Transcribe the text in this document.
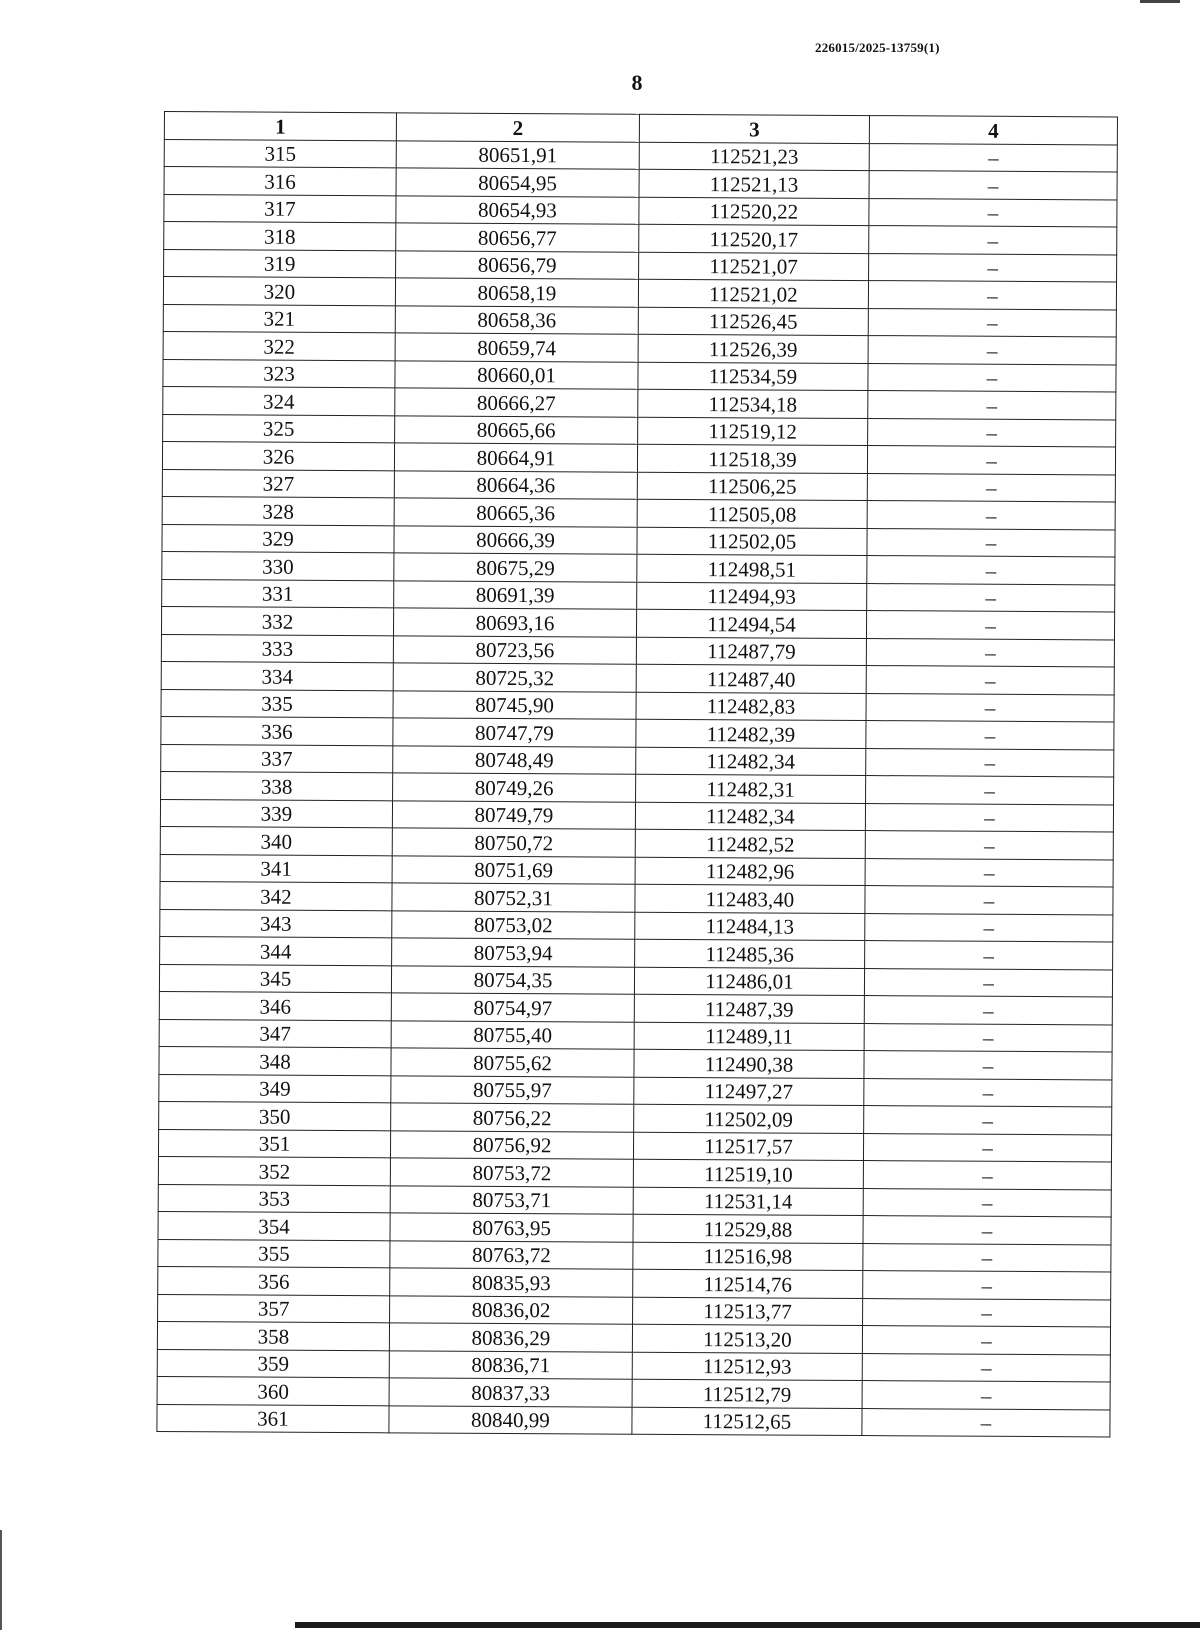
226015/2025-13759(1)
8
1	2	3	4
315	80651,91	112521,23	–
316	80654,95	112521,13	–
317	80654,93	112520,22	–
318	80656,77	112520,17	–
319	80656,79	112521,07	–
320	80658,19	112521,02	–
321	80658,36	112526,45	–
322	80659,74	112526,39	–
323	80660,01	112534,59	–
324	80666,27	112534,18	–
325	80665,66	112519,12	–
326	80664,91	112518,39	–
327	80664,36	112506,25	–
328	80665,36	112505,08	–
329	80666,39	112502,05	–
330	80675,29	112498,51	–
331	80691,39	112494,93	–
332	80693,16	112494,54	–
333	80723,56	112487,79	–
334	80725,32	112487,40	–
335	80745,90	112482,83	–
336	80747,79	112482,39	–
337	80748,49	112482,34	–
338	80749,26	112482,31	–
339	80749,79	112482,34	–
340	80750,72	112482,52	–
341	80751,69	112482,96	–
342	80752,31	112483,40	–
343	80753,02	112484,13	–
344	80753,94	112485,36	–
345	80754,35	112486,01	–
346	80754,97	112487,39	–
347	80755,40	112489,11	–
348	80755,62	112490,38	–
349	80755,97	112497,27	–
350	80756,22	112502,09	–
351	80756,92	112517,57	–
352	80753,72	112519,10	–
353	80753,71	112531,14	–
354	80763,95	112529,88	–
355	80763,72	112516,98	–
356	80835,93	112514,76	–
357	80836,02	112513,77	–
358	80836,29	112513,20	–
359	80836,71	112512,93	–
360	80837,33	112512,79	–
361	80840,99	112512,65	–
